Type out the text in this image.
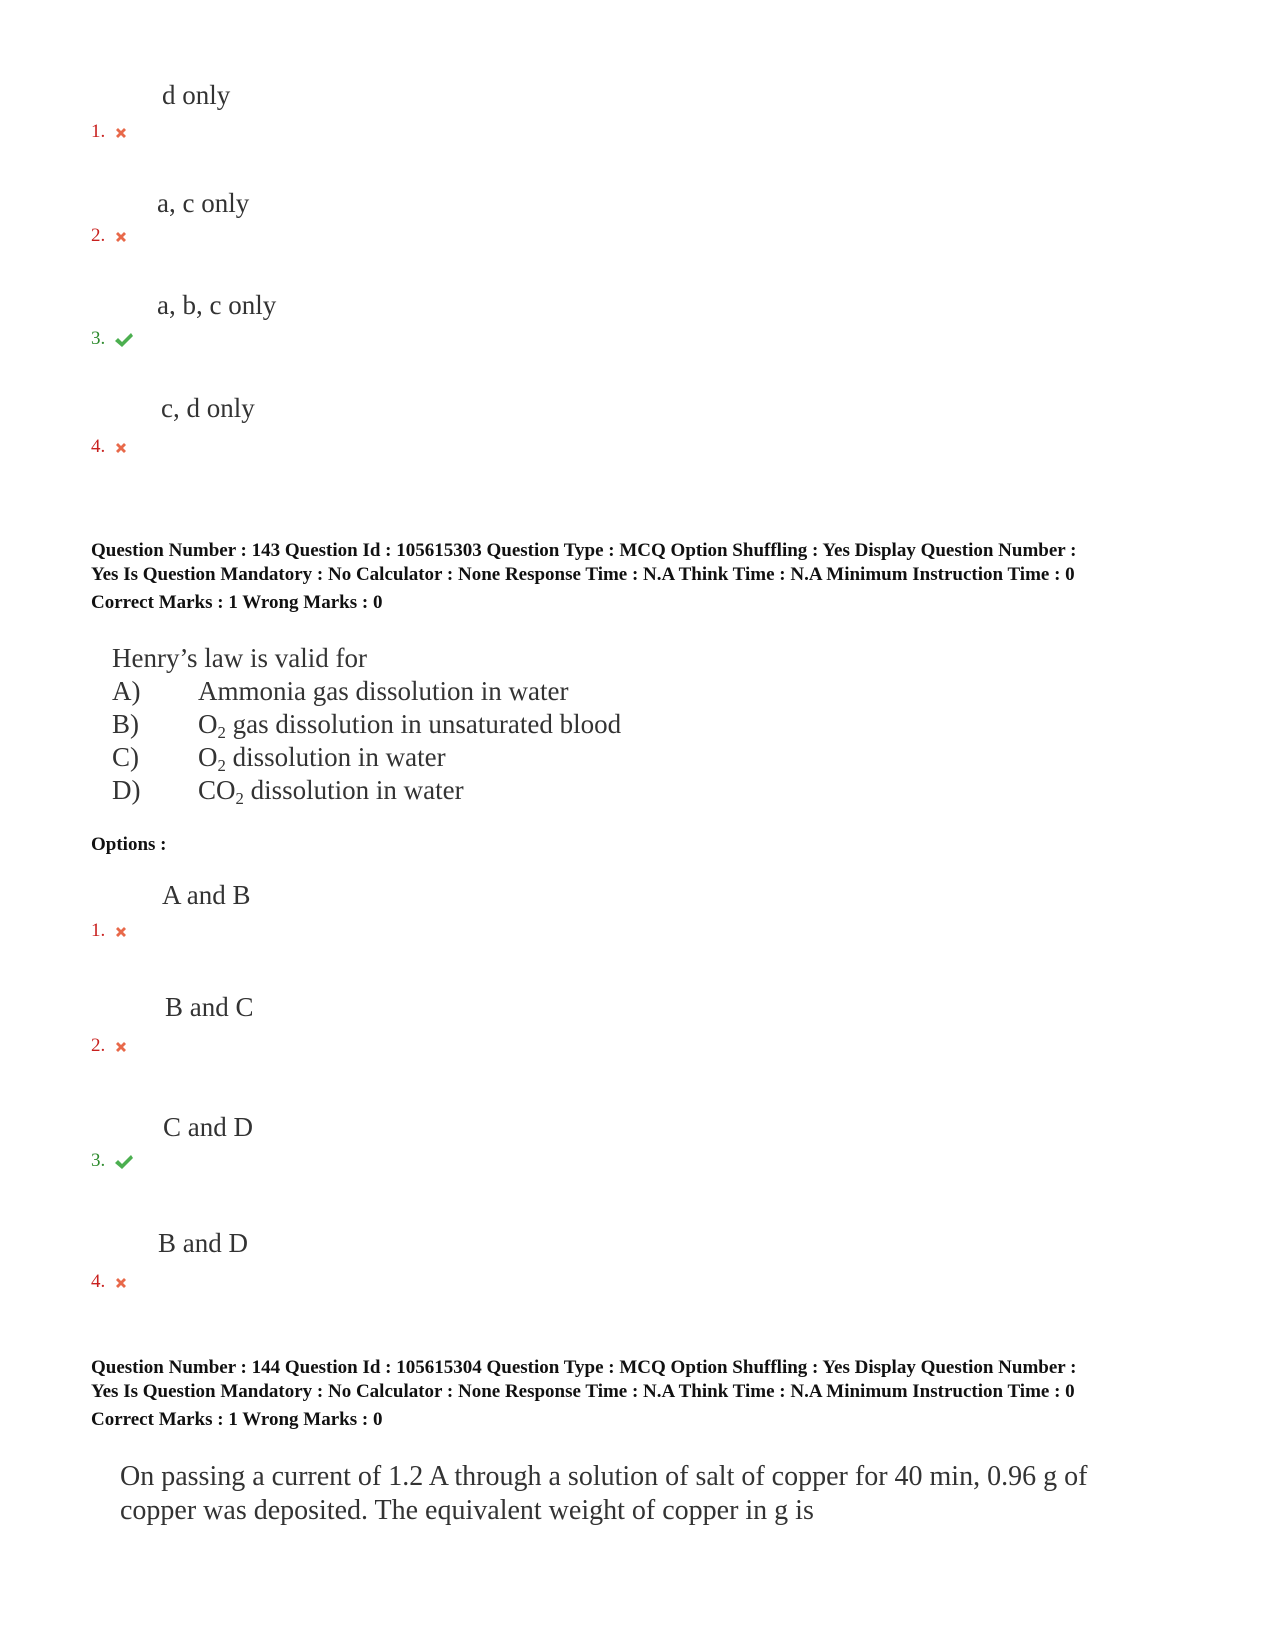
d only
1.
a, c only
2.
a, b, c only
3.
c, d only
4.
Question Number : 143 Question Id : 105615303 Question Type : MCQ Option Shuffling : Yes Display Question Number :
Yes Is Question Mandatory : No Calculator : None Response Time : N.A Think Time : N.A Minimum Instruction Time : 0
Correct Marks : 1 Wrong Marks : 0
Henry’s law is valid for
A) Ammonia gas dissolution in water
B) $O_2$ gas dissolution in unsaturated blood
C) $O_2$ dissolution in water
D) $CO_2$ dissolution in water
Options :
A and B
1.
B and C
2.
C and D
3.
B and D
4.
Question Number : 144 Question Id : 105615304 Question Type : MCQ Option Shuffling : Yes Display Question Number :
Yes Is Question Mandatory : No Calculator : None Response Time : N.A Think Time : N.A Minimum Instruction Time : 0
Correct Marks : 1 Wrong Marks : 0
On passing a current of 1.2 A through a solution of salt of copper for 40 min, 0.96 g of
copper was deposited. The equivalent weight of copper in g is
